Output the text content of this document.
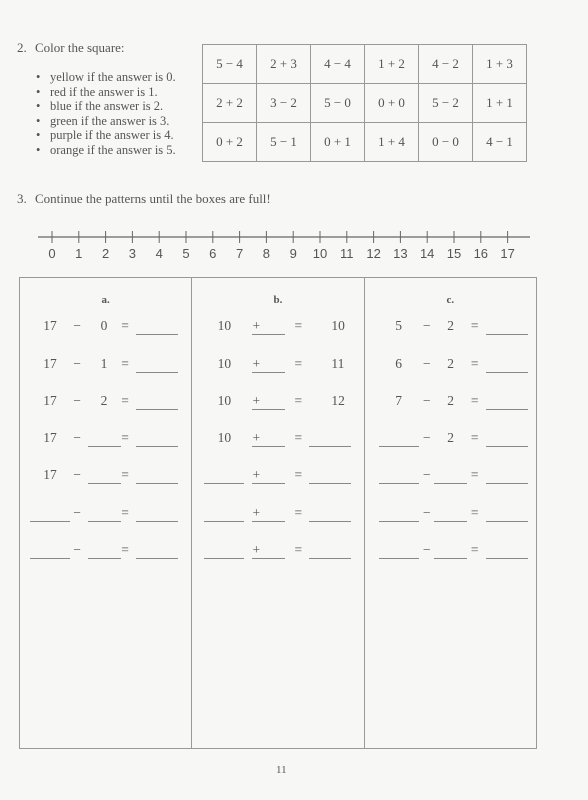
2. Color the square:
• yellow if the answer is 0.
• red if the answer is 1.
• blue if the answer is 2.
• green if the answer is 3.
• purple if the answer is 4.
• orange if the answer is 5.
5 − 4	2 + 3	4 − 4	1 + 2	4 − 2	1 + 3
2 + 2	3 − 2	5 − 0	0 + 0	5 − 2	1 + 1
0 + 2	5 − 1	0 + 1	1 + 4	0 − 0	4 − 1
3. Continue the patterns until the boxes are full!
0 1 2 3 4 5 6 7 8 9 10 11 12 13 14 15 16 17
a.
17 − 0 =
17 − 1 =
17 − 2 =
17 −	=
17 −	=
−	=
−	=
b.
10 +	= 10
10 +	= 11
10 +	= 12
10 +	=
+	=
+	=
+	=
c.
5 − 2 =
6 − 2 =
7 − 2 =
− 2 =
−	=
−	=
−	=
11
